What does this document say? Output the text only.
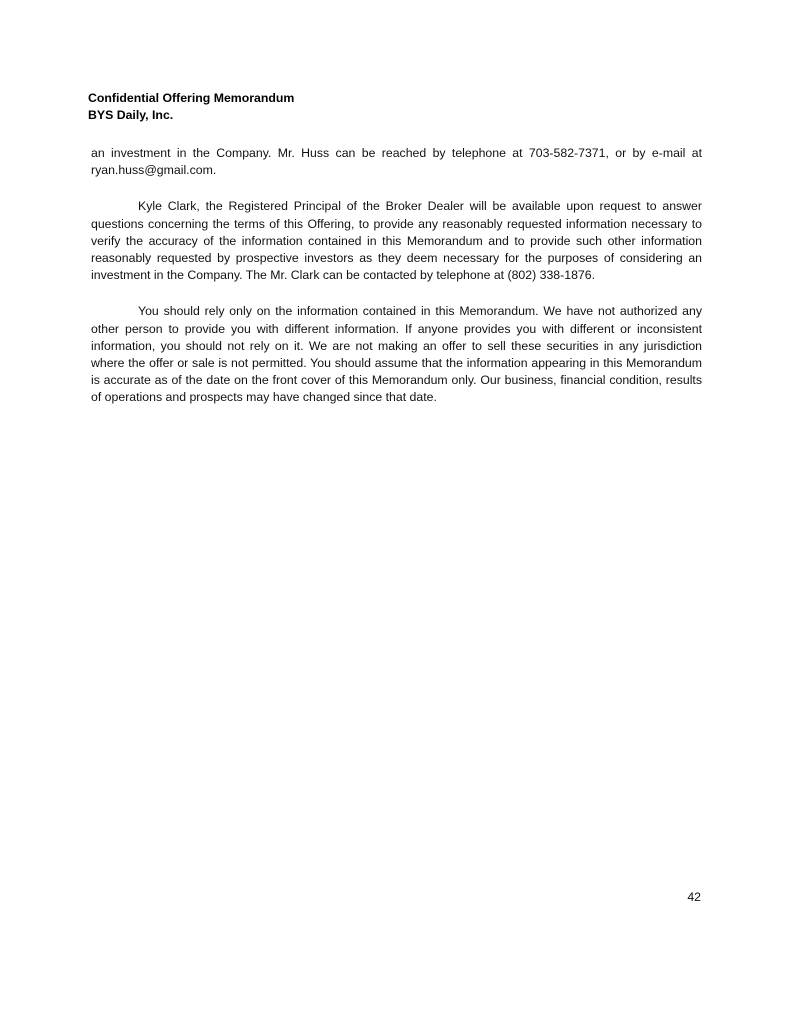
Confidential Offering Memorandum
BYS Daily, Inc.

an investment in the Company. Mr. Huss can be reached by telephone at 703-582-7371, or by e-mail at ryan.huss@gmail.com.

Kyle Clark, the Registered Principal of the Broker Dealer will be available upon request to answer questions concerning the terms of this Offering, to provide any reasonably requested information necessary to verify the accuracy of the information contained in this Memorandum and to provide such other information reasonably requested by prospective investors as they deem necessary for the purposes of considering an investment in the Company. The Mr. Clark can be contacted by telephone at (802) 338-1876.

You should rely only on the information contained in this Memorandum. We have not authorized any other person to provide you with different information. If anyone provides you with different or inconsistent information, you should not rely on it. We are not making an offer to sell these securities in any jurisdiction where the offer or sale is not permitted. You should assume that the information appearing in this Memorandum is accurate as of the date on the front cover of this Memorandum only. Our business, financial condition, results of operations and prospects may have changed since that date.

42
